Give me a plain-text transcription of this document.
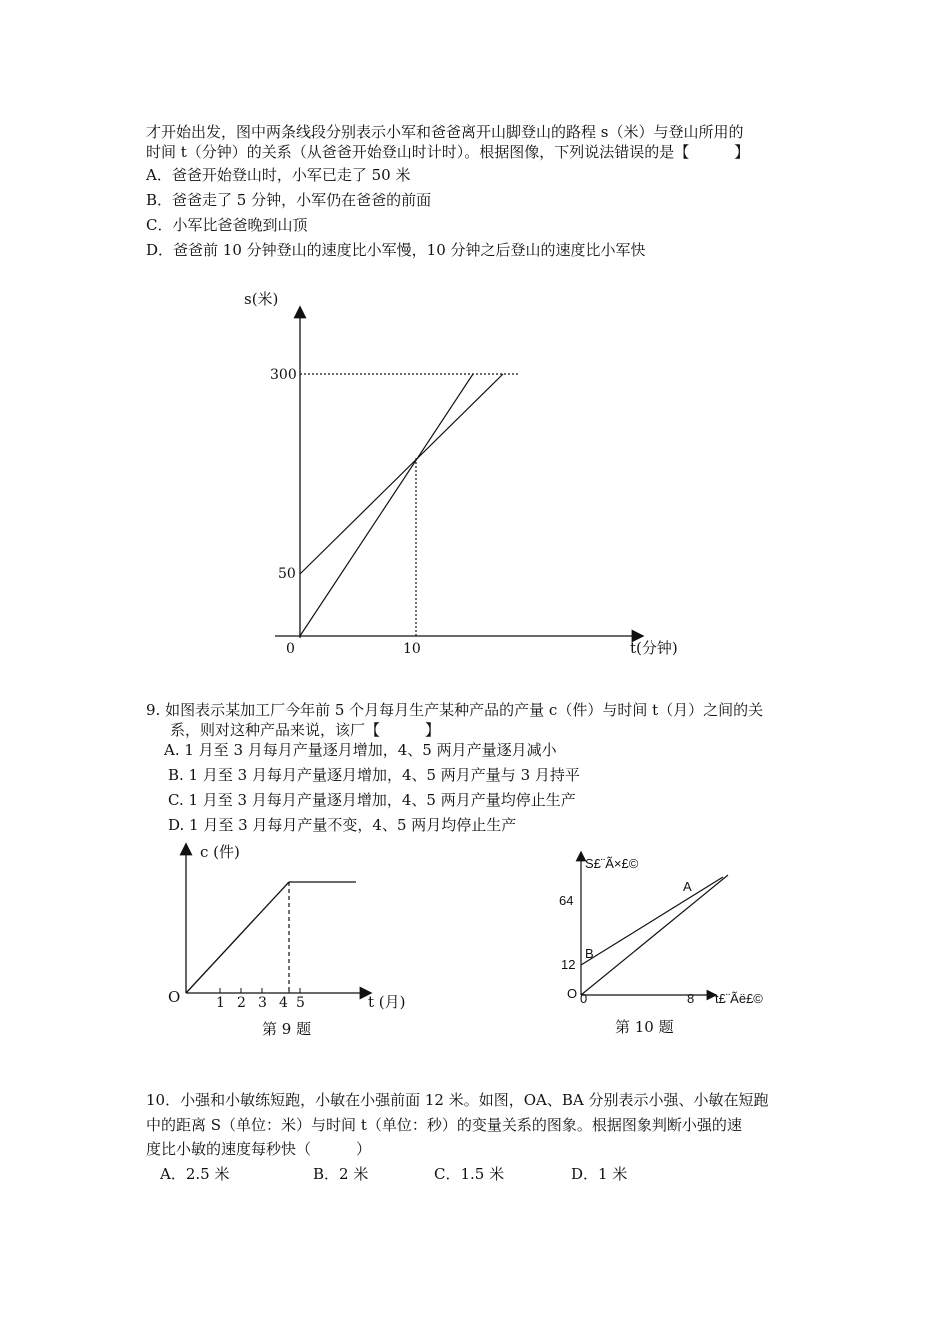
才开始出发，图中两条线段分别表示小军和爸爸离开山脚登山的路程 s（米）与登山所用的
时间 t（分钟）的关系（从爸爸开始登山时计时）。根据图像，下列说法错误的是【　　　】
A．爸爸开始登山时，小军已走了 50 米
B．爸爸走了 5 分钟，小军仍在爸爸的前面
C．小军比爸爸晚到山顶
D．爸爸前 10 分钟登山的速度比小军慢，10 分钟之后登山的速度比小军快
s(米)
300
50
0	10	t(分钟)
9. 如图表示某加工厂今年前 5 个月每月生产某种产品的产量 c（件）与时间 t（月）之间的关
系，则对这种产品来说，该厂【　　　】
A. 1 月至 3 月每月产量逐月增加，4、5 两月产量逐月减小
B. 1 月至 3 月每月产量逐月增加，4、5 两月产量与 3 月持平
C. 1 月至 3 月每月产量逐月增加，4、5 两月产量均停止生产
D. 1 月至 3 月每月产量不变，4、5 两月均停止生产
c (件)
O	1 2 3 4 5	t (月)
第 9 题
S£¨Ã×£©
A
B
64
12
O 0	8 t£¨Ãë£©
第 10 题
10．小强和小敏练短跑，小敏在小强前面 12 米。如图，OA、BA 分别表示小强、小敏在短跑
中的距离 S（单位：米）与时间 t（单位：秒）的变量关系的图象。根据图象判断小强的速
度比小敏的速度每秒快（　　　）
A．2.5 米	B．2 米	C．1.5 米	D．1 米
